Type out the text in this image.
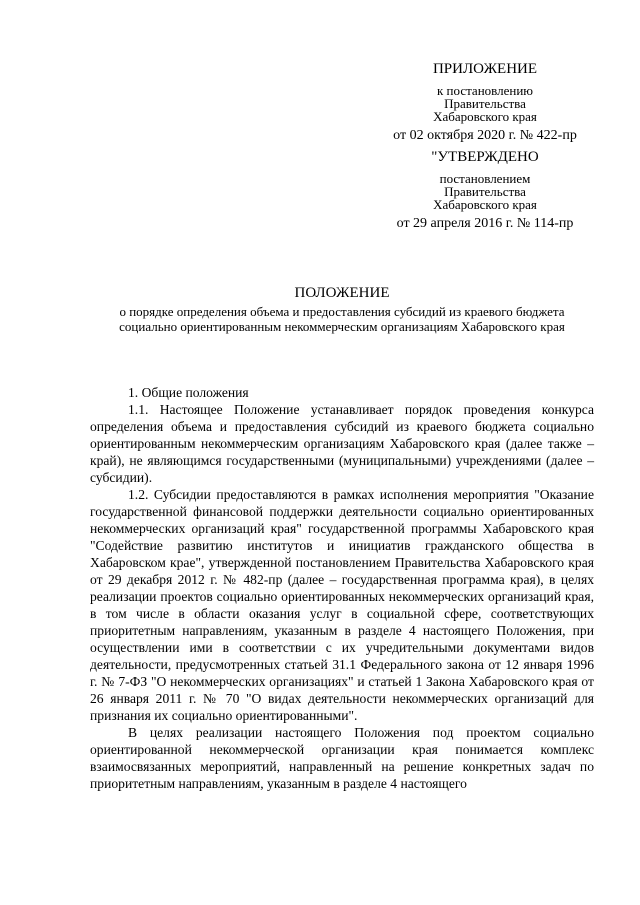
ПРИЛОЖЕНИЕ
к постановлению
Правительства
Хабаровского края
от 02 октября 2020 г. № 422-пр
"УТВЕРЖДЕНО
постановлением
Правительства
Хабаровского края
от 29 апреля 2016 г. № 114-пр
ПОЛОЖЕНИЕ
о порядке определения объема и предоставления субсидий из краевого бюджета социально ориентированным некоммерческим организациям Хабаровского края
1. Общие положения

1.1. Настоящее Положение устанавливает порядок проведения конкурса определения объема и предоставления субсидий из краевого бюджета социально ориентированным некоммерческим организациям Хабаровского края (далее также – край), не являющимся государственными (муниципальными) учреждениями (далее – субсидии).

1.2. Субсидии предоставляются в рамках исполнения мероприятия "Оказание государственной финансовой поддержки деятельности социально ориентированных некоммерческих организаций края" государственной программы Хабаровского края "Содействие развитию институтов и инициатив гражданского общества в Хабаровском крае", утвержденной постановлением Правительства Хабаровского края от 29 декабря 2012 г. № 482-пр (далее – государственная программа края), в целях реализации проектов социально ориентированных некоммерческих организаций края, в том числе в области оказания услуг в социальной сфере, соответствующих приоритетным направлениям, указанным в разделе 4 настоящего Положения, при осуществлении ими в соответствии с их учредительными документами видов деятельности, предусмотренных статьей 31.1 Федерального закона от 12 января 1996 г. № 7-ФЗ "О некоммерческих организациях" и статьей 1 Закона Хабаровского края от 26 января 2011 г. № 70 "О видах деятельности некоммерческих организаций для признания их социально ориентированными".

В целях реализации настоящего Положения под проектом социально ориентированной некоммерческой организации края понимается комплекс взаимосвязанных мероприятий, направленный на решение конкретных задач по приоритетным направлениям, указанным в разделе 4 настоящего
